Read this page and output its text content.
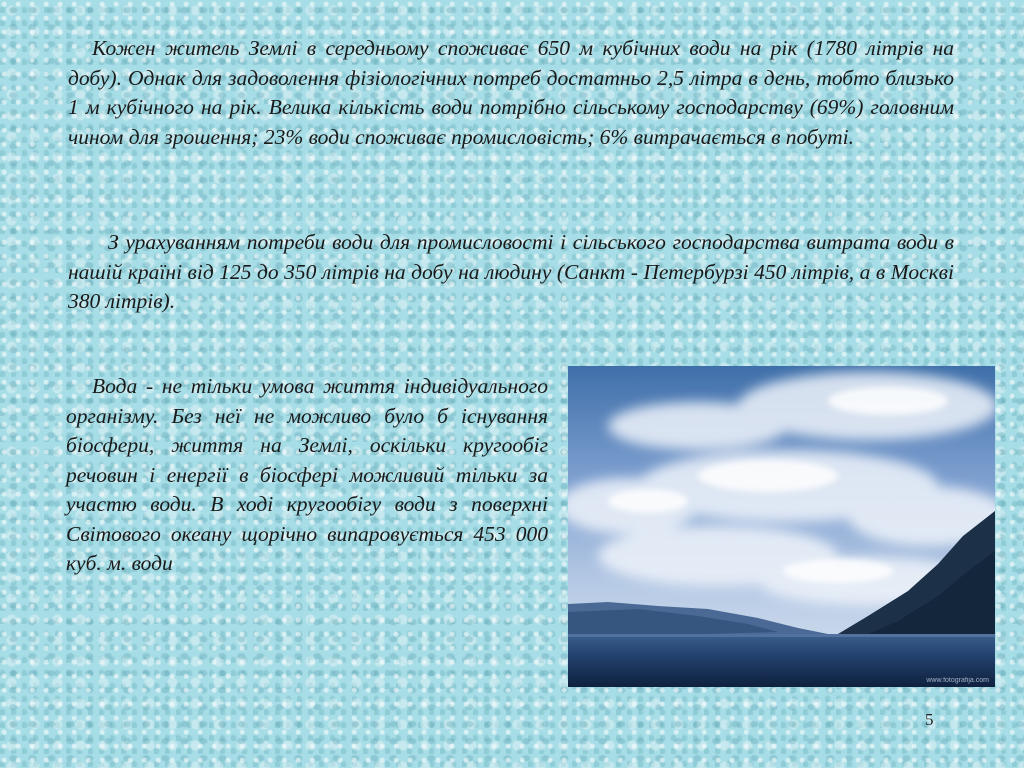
Кожен житель Землі в середньому споживає 650 м кубічних води на рік (1780 літрів на добу). Однак для задоволення фізіологічних потреб достатньо 2,5 літра в день, тобто близько 1 м кубічного на рік. Велика кількість води потрібно сільському господарству (69%) головним чином для зрошення; 23% води споживає промисловість; 6% витрачається в побуті.

З урахуванням потреби води для промисловості і сільського господарства витрата води в нашій країні від 125 до 350 літрів на добу на людину (Санкт - Петербурзі 450 літрів, а в Москві 380 літрів).

Вода - не тільки умова життя індивідуального організму. Без неї не можливо було б існування біосфери, життя на Землі, оскільки кругообіг речовин і енергії в біосфері можливий тільки за участю води. В ході кругообігу води з поверхні Світового океану щорічно випаровується 453 000 куб. м. води

www.fotografija.com
5
